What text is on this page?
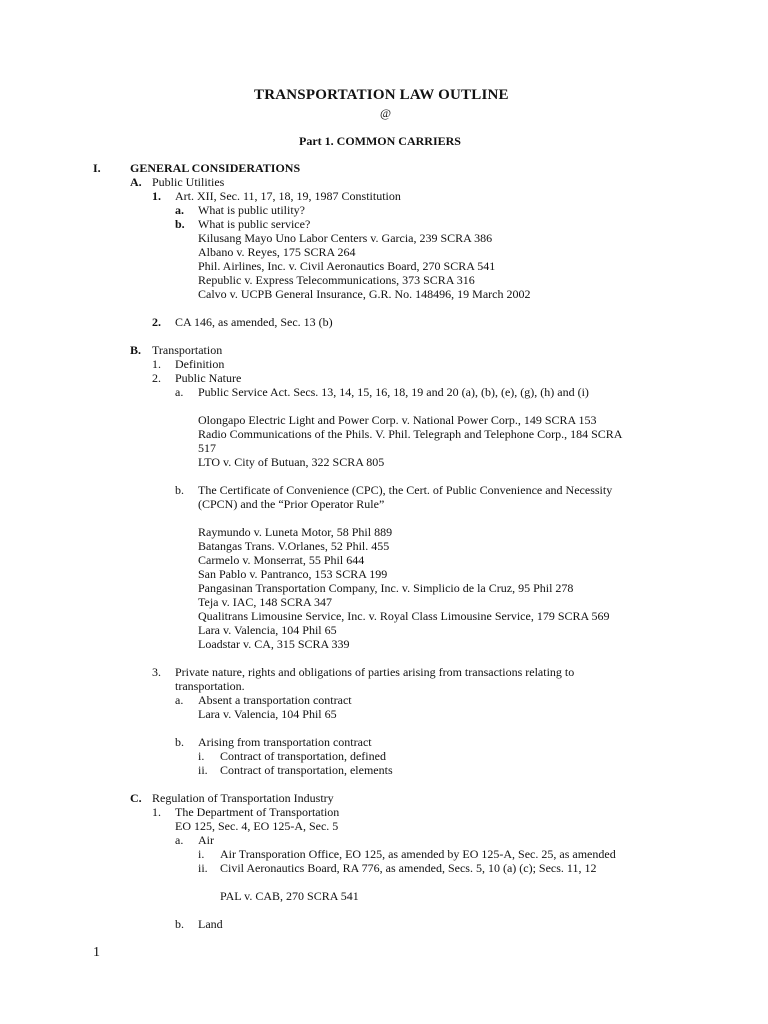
TRANSPORTATION LAW OUTLINE
@
Part 1. COMMON CARRIERS
I. GENERAL CONSIDERATIONS
A. Public Utilities
1. Art. XII, Sec. 11, 17, 18, 19, 1987 Constitution
a. What is public utility?
b. What is public service?
Kilusang Mayo Uno Labor Centers v. Garcia, 239 SCRA 386
Albano v. Reyes, 175 SCRA 264
Phil. Airlines, Inc. v. Civil Aeronautics Board, 270 SCRA 541
Republic v. Express Telecommunications, 373 SCRA 316
Calvo v. UCPB General Insurance, G.R. No. 148496, 19 March 2002
2. CA 146, as amended, Sec. 13 (b)
B. Transportation
1. Definition
2. Public Nature
a. Public Service Act. Secs. 13, 14, 15, 16, 18, 19 and 20 (a), (b), (e), (g), (h) and (i)
Olongapo Electric Light and Power Corp. v. National Power Corp., 149 SCRA 153
Radio Communications of the Phils. V. Phil. Telegraph and Telephone Corp., 184 SCRA
517
LTO v. City of Butuan, 322 SCRA 805
b. The Certificate of Convenience (CPC), the Cert. of Public Convenience and Necessity
(CPCN) and the “Prior Operator Rule”
Raymundo v. Luneta Motor, 58 Phil 889
Batangas Trans. V.Orlanes, 52 Phil. 455
Carmelo v. Monserrat, 55 Phil 644
San Pablo v. Pantranco, 153 SCRA 199
Pangasinan Transportation Company, Inc. v. Simplicio de la Cruz, 95 Phil 278
Teja v. IAC, 148 SCRA 347
Qualitrans Limousine Service, Inc. v. Royal Class Limousine Service, 179 SCRA 569
Lara v. Valencia, 104 Phil 65
Loadstar v. CA, 315 SCRA 339
3. Private nature, rights and obligations of parties arising from transactions relating to
transportation.
a. Absent a transportation contract
Lara v. Valencia, 104 Phil 65
b. Arising from transportation contract
i. Contract of transportation, defined
ii. Contract of transportation, elements
C. Regulation of Transportation Industry
1. The Department of Transportation
EO 125, Sec. 4, EO 125-A, Sec. 5
a. Air
i. Air Transporation Office, EO 125, as amended by EO 125-A, Sec. 25, as amended
ii. Civil Aeronautics Board, RA 776, as amended, Secs. 5, 10 (a) (c); Secs. 11, 12
PAL v. CAB, 270 SCRA 541
b. Land
1
